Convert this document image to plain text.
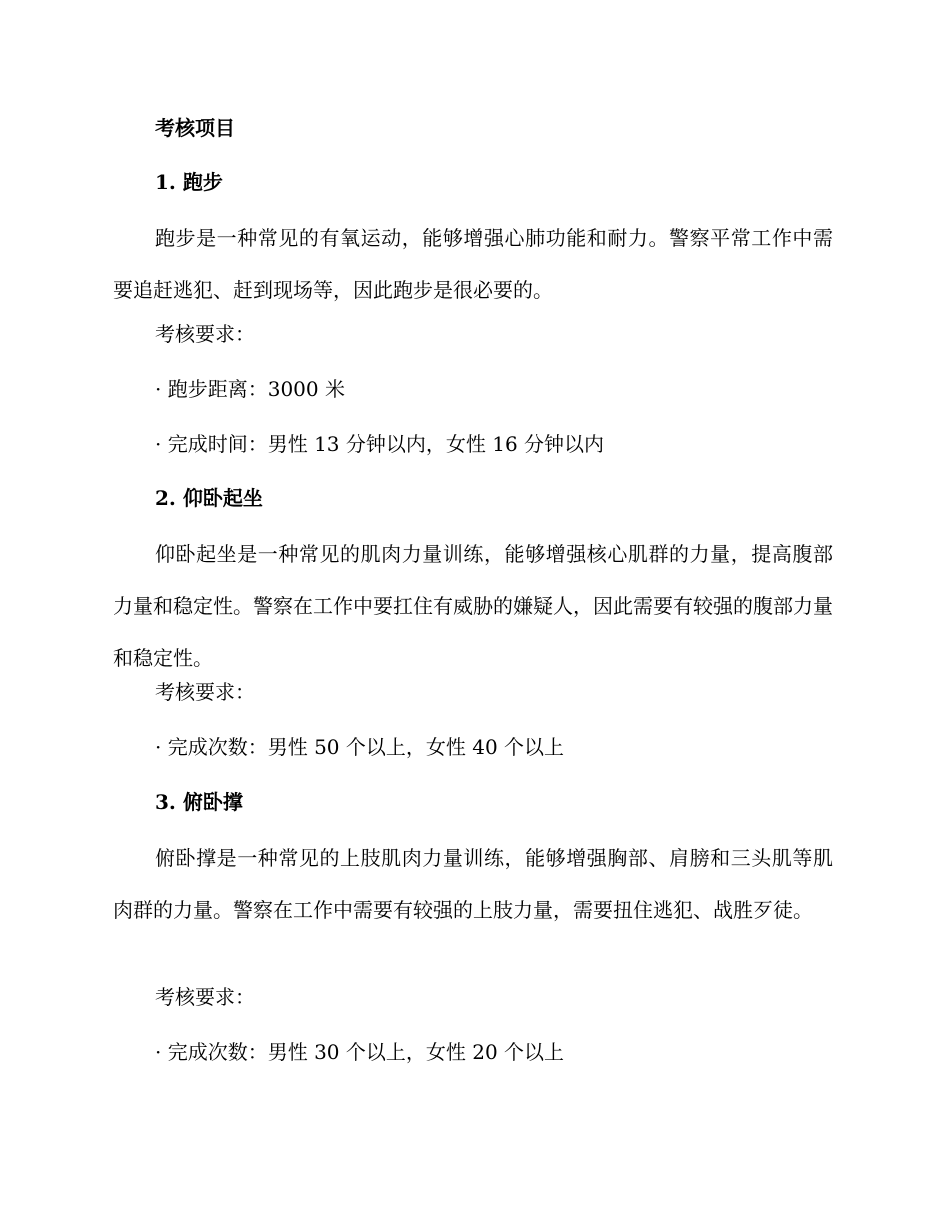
考核项目
1. 跑步

跑步是一种常见的有氧运动，能够增强心肺功能和耐力。警察平常工作中需要追赶逃犯、赶到现场等，因此跑步是很必要的。

考核要求：
· 跑步距离：3000 米
· 完成时间：男性 13 分钟以内，女性 16 分钟以内
2. 仰卧起坐

仰卧起坐是一种常见的肌肉力量训练，能够增强核心肌群的力量，提高腹部力量和稳定性。警察在工作中要扛住有威胁的嫌疑人，因此需要有较强的腹部力量和稳定性。

考核要求：
· 完成次数：男性 50 个以上，女性 40 个以上
3. 俯卧撑

俯卧撑是一种常见的上肢肌肉力量训练，能够增强胸部、肩膀和三头肌等肌肉群的力量。警察在工作中需要有较强的上肢力量，需要扭住逃犯、战胜歹徒。

考核要求：
· 完成次数：男性 30 个以上，女性 20 个以上
